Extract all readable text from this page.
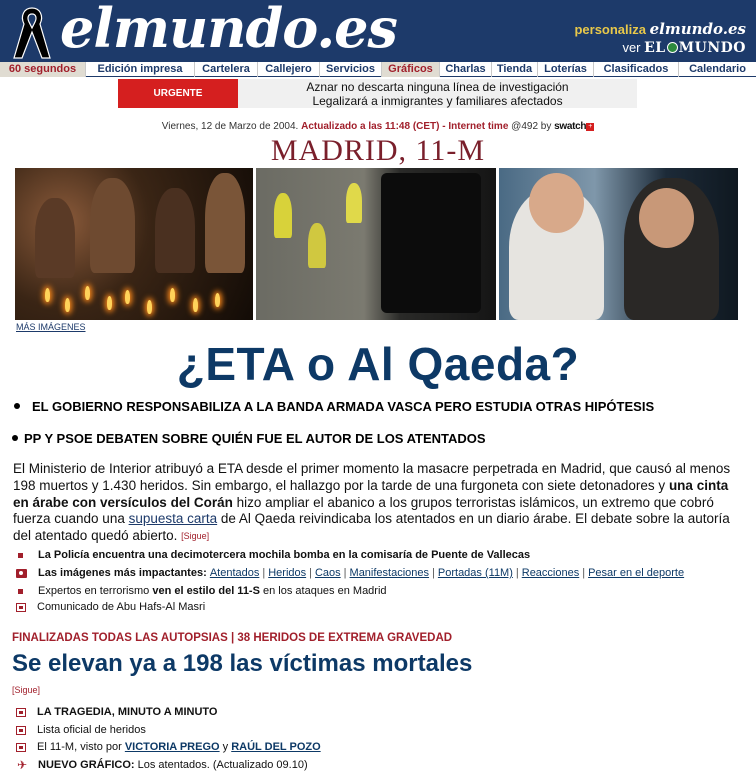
elmundo.es	personaliza elmundo.es
ver EL MUNDO
60 segundos	Edición impresa	Cartelera	Callejero	Servicios	Gráficos	Charlas	Tienda	Loterías	Clasificados	Calendario
URGENTE	Aznar no descarta ninguna línea de investigación
Legalizará a inmigrantes y familiares afectados
Viernes, 12 de Marzo de 2004. Actualizado a las 11:48 (CET) - Internet time @492 by swatch +
MADRID, 11-M
MÁS IMÁGENES
¿ETA o Al Qaeda?
EL GOBIERNO RESPONSABILIZA A LA BANDA ARMADA VASCA PERO ESTUDIA OTRAS HIPÓTESIS
PP Y PSOE DEBATEN SOBRE QUIÉN FUE EL AUTOR DE LOS ATENTADOS
El Ministerio de Interior atribuyó a ETA desde el primer momento la masacre perpetrada en Madrid, que causó al menos 198 muertos y 1.430 heridos. Sin embargo, el hallazgo por la tarde de una furgoneta con siete detonadores y una cinta en árabe con versículos del Corán hizo ampliar el abanico a los grupos terroristas islámicos, un extremo que cobró fuerza cuando una supuesta carta de Al Qaeda reivindicaba los atentados en un diario árabe. El debate sobre la autoría del atentado quedó abierto. [Sigue]
La Policía encuentra una decimotercera mochila bomba en la comisaría de Puente de Vallecas
Las imágenes más impactantes:
Atentados | Heridos | Caos | Manifestaciones | Portadas (11M) | Reacciones | Pesar en el deporte
Expertos en terrorismo
ven el estilo del 11-S
en los ataques en Madrid
Comunicado de Abu Hafs-Al Masri
FINALIZADAS TODAS LAS AUTOPSIAS | 38 HERIDOS DE EXTREMA GRAVEDAD
Se elevan ya a 198 las víctimas mortales
[Sigue]
LA TRAGEDIA, MINUTO A MINUTO
Lista oficial de heridos
El 11-M, visto por
VICTORIA PREGO
y
RAÚL DEL POZO
✈ NUEVO GRÁFICO:
Los atentados. (Actualizado 09.10)
